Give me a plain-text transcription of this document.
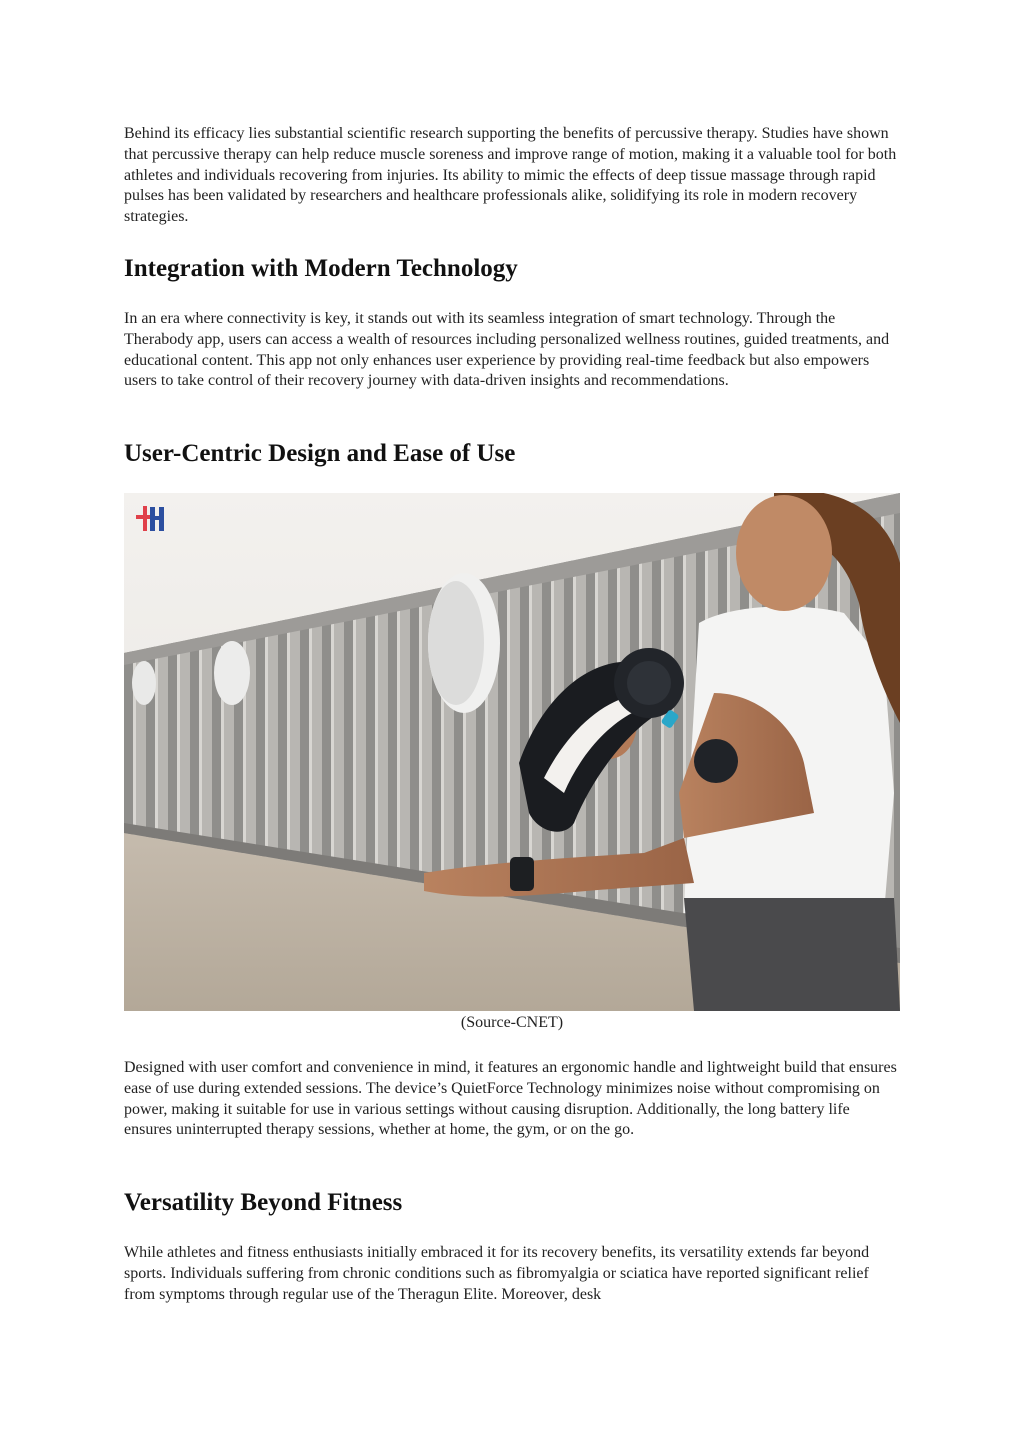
Behind its efficacy lies substantial scientific research supporting the benefits of percussive therapy. Studies have shown that percussive therapy can help reduce muscle soreness and improve range of motion, making it a valuable tool for both athletes and individuals recovering from injuries. Its ability to mimic the effects of deep tissue massage through rapid pulses has been validated by researchers and healthcare professionals alike, solidifying its role in modern recovery strategies.

Integration with Modern Technology

In an era where connectivity is key, it stands out with its seamless integration of smart technology. Through the Therabody app, users can access a wealth of resources including personalized wellness routines, guided treatments, and educational content. This app not only enhances user experience by providing real-time feedback but also empowers users to take control of their recovery journey with data-driven insights and recommendations.

User-Centric Design and Ease of Use
(Source-CNET)

Designed with user comfort and convenience in mind, it features an ergonomic handle and lightweight build that ensures ease of use during extended sessions. The device’s QuietForce Technology minimizes noise without compromising on power, making it suitable for use in various settings without causing disruption. Additionally, the long battery life ensures uninterrupted therapy sessions, whether at home, the gym, or on the go.

Versatility Beyond Fitness

While athletes and fitness enthusiasts initially embraced it for its recovery benefits, its versatility extends far beyond sports. Individuals suffering from chronic conditions such as fibromyalgia or sciatica have reported significant relief from symptoms through regular use of the Theragun Elite. Moreover, desk
